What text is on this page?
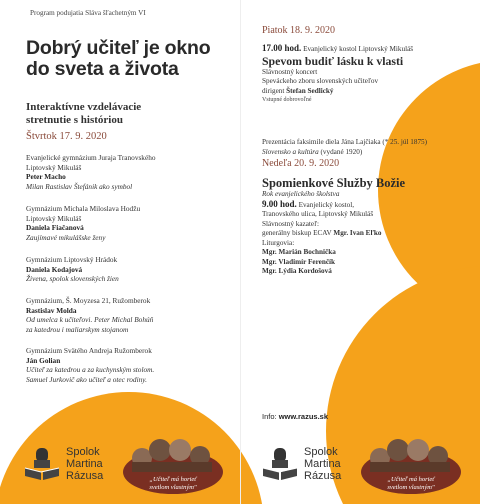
Program podujatia Sláva šľachetným VI
Dobrý učiteľ je okno
do sveta a života
Interaktívne vzdelávacie
stretnutie s históriou
Štvrtok 17. 9. 2020
Evanjelické gymnázium Juraja Tranovského
Liptovský Mikuláš
Peter Macho
Milan Rastislav Štefánik ako symbol
Gymnázium Michala Miloslava Hodžu
Liptovský Mikuláš
Daniela Fiačanová
Zaujímavé mikulášske ženy
Gymnázium Liptovský Hrádok
Daniela Kodajová
Živena, spolok slovenských žien
Gymnázium, Š. Moyzesa 21, Ružomberok
Rastislav Molda
Od umelca k učiteľovi. Peter Michal Bohúň
za katedrou i maliarskym stojanom
Gymnázium Svätého Andreja Ružomberok
Ján Golian
Učiteľ za katedrou a za kuchynským stolom.
Samuel Jurkovič ako učiteľ a otec rodiny.
Piatok 18. 9. 2020
17.00 hod. Evanjelický kostol Liptovský Mikuláš
Spevom budiť lásku k vlasti
Slávnostný koncert
Speváckeho zboru slovenských učiteľov
dirigent Štefan Sedlický
Vstupné dobrovoľné
Prezentácia faksimile diela Jána Lajčiaka (* 25. júl 1875)
Slovensko a kultúra (vydané 1920)
Nedeľa 20. 9. 2020
Spomienkové Služby Božie
Rok evanjelického školstva
9.00 hod. Evanjelický kostol,
Tranovského ulica, Liptovský Mikuláš
Slávnostný kazateľ:
generálny biskup ECAV Mgr. Ivan Eľko
Liturgovia:
Mgr. Marián Bochnička
Mgr. Vladimír Ferenčík
Mgr. Lýdia Kordošová
Info: www.razus.sk
Spolok
Martina
Rázusa	„Učiteľ má horieť
svetlom vlastným"
Spolok
Martina
Rázusa	„Učiteľ má horieť
svetlom vlastným"
